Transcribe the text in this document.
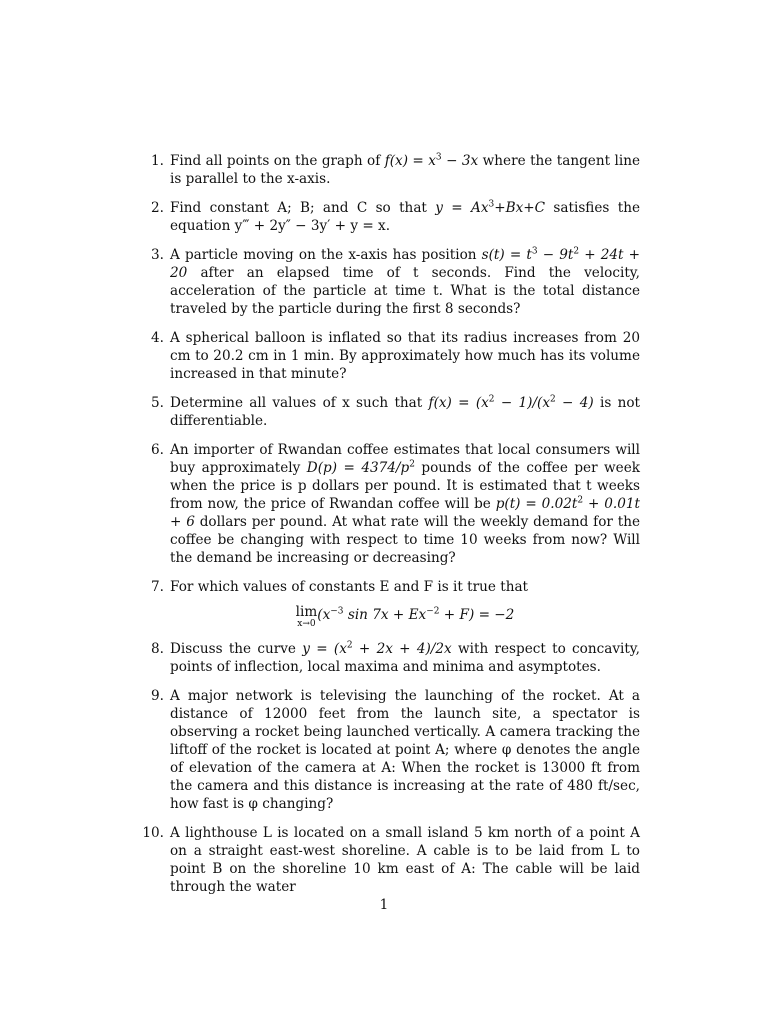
1. Find all points on the graph of $f(x) = x^3 - 3x$ where the tangent line is parallel to the x-axis.
2. Find constant A; B; and C so that $y = Ax^3+Bx+C$ satisfies the equation y‴ + 2y″ − 3y′ + y = x.
3. A particle moving on the x-axis has position $s(t) = t^3 - 9t^2 + 24t + 20$ after an elapsed time of t seconds. Find the velocity, acceleration of the particle at time t. What is the total distance traveled by the particle during the first 8 seconds?
4. A spherical balloon is inflated so that its radius increases from 20 cm to 20.2 cm in 1 min. By approximately how much has its volume increased in that minute?
5. Determine all values of x such that $f(x) = (x^2 - 1)/(x^2 - 4)$ is not differentiable.
6. An importer of Rwandan coffee estimates that local consumers will buy approximately $D(p) = 4374/p^2$ pounds of the coffee per week when the price is p dollars per pound. It is estimated that t weeks from now, the price of Rwandan coffee will be $p(t) = 0.02t^2 + 0.01t + 6$ dollars per pound. At what rate will the weekly demand for the coffee be changing with respect to time 10 weeks from now? Will the demand be increasing or decreasing?
7. For which values of constants E and F is it true that
lim
x→0
($x^{-3}$ $\sin 7x + Ex^{-2} + F) = -2$
8. Discuss the curve $y = (x^2 + 2x + 4)/2x$ with respect to concavity, points of inflection, local maxima and minima and asymptotes.
9. A major network is televising the launching of the rocket. At a distance of 12000 feet from the launch site, a spectator is observing a rocket being launched vertically. A camera tracking the liftoff of the rocket is located at point A; where φ denotes the angle of elevation of the camera at A: When the rocket is 13000 ft from the camera and this distance is increasing at the rate of 480 ft/sec, how fast is φ changing?
10. A lighthouse L is located on a small island 5 km north of a point A on a straight east-west shoreline. A cable is to be laid from L to point B on the shoreline 10 km east of A: The cable will be laid through the water
1
